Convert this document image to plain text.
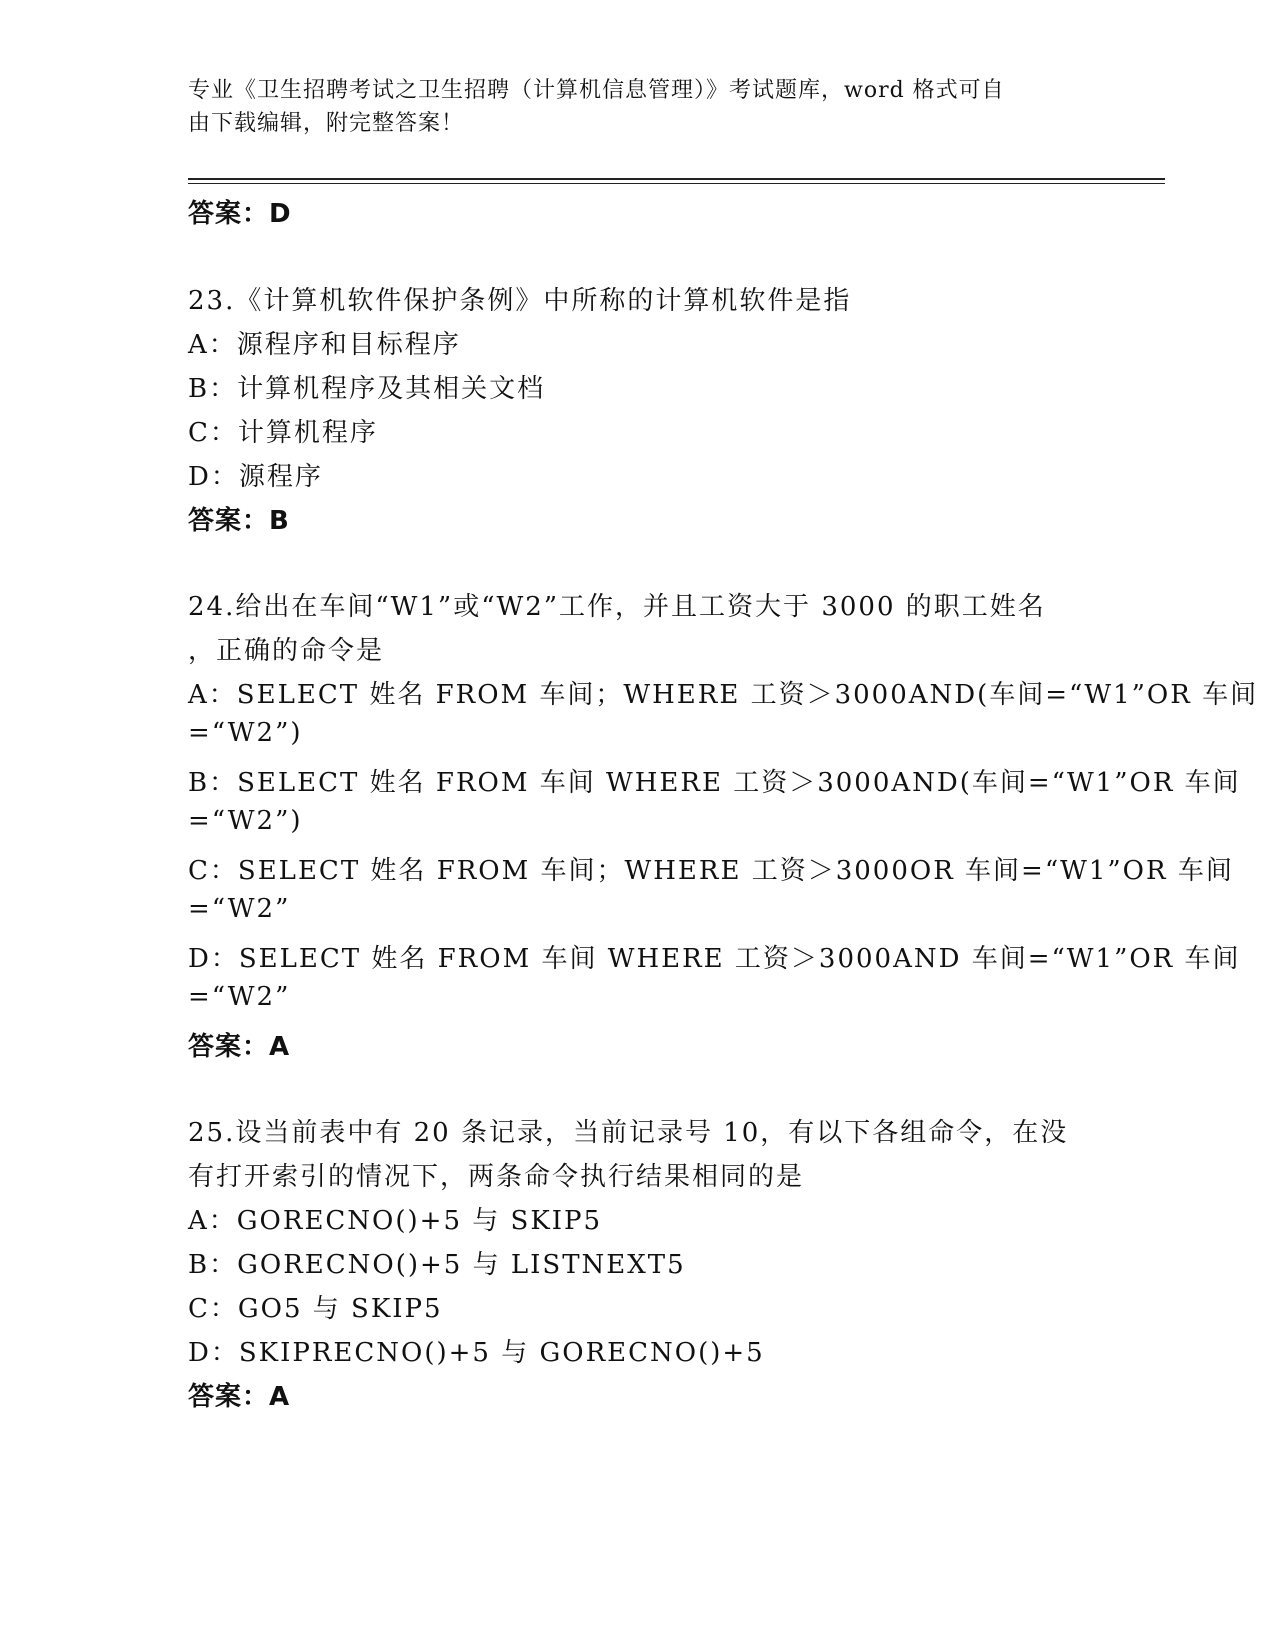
专业《卫生招聘考试之卫生招聘（计算机信息管理）》考试题库，word 格式可自
由下载编辑，附完整答案！
答案：D
23.《计算机软件保护条例》中所称的计算机软件是指
A：源程序和目标程序
B：计算机程序及其相关文档
C：计算机程序
D：源程序
答案：B
24.给出在车间“W1”或“W2”工作，并且工资大于 3000 的职工姓名
，正确的命令是
A：SELECT 姓名 FROM 车间；WHERE 工资＞3000AND(车间=“W1”OR 车间
=“W2”)
B：SELECT 姓名 FROM 车间 WHERE 工资＞3000AND(车间=“W1”OR 车间
=“W2”)
C：SELECT 姓名 FROM 车间；WHERE 工资＞3000OR 车间=“W1”OR 车间
=“W2”
D：SELECT 姓名 FROM 车间 WHERE 工资＞3000AND 车间=“W1”OR 车间
=“W2”
答案：A
25.设当前表中有 20 条记录，当前记录号 10，有以下各组命令，在没
有打开索引的情况下，两条命令执行结果相同的是
A：GORECNO()+5 与 SKIP5
B：GORECNO()+5 与 LISTNEXT5
C：GO5 与 SKIP5
D：SKIPRECNO()+5 与 GORECNO()+5
答案：A
